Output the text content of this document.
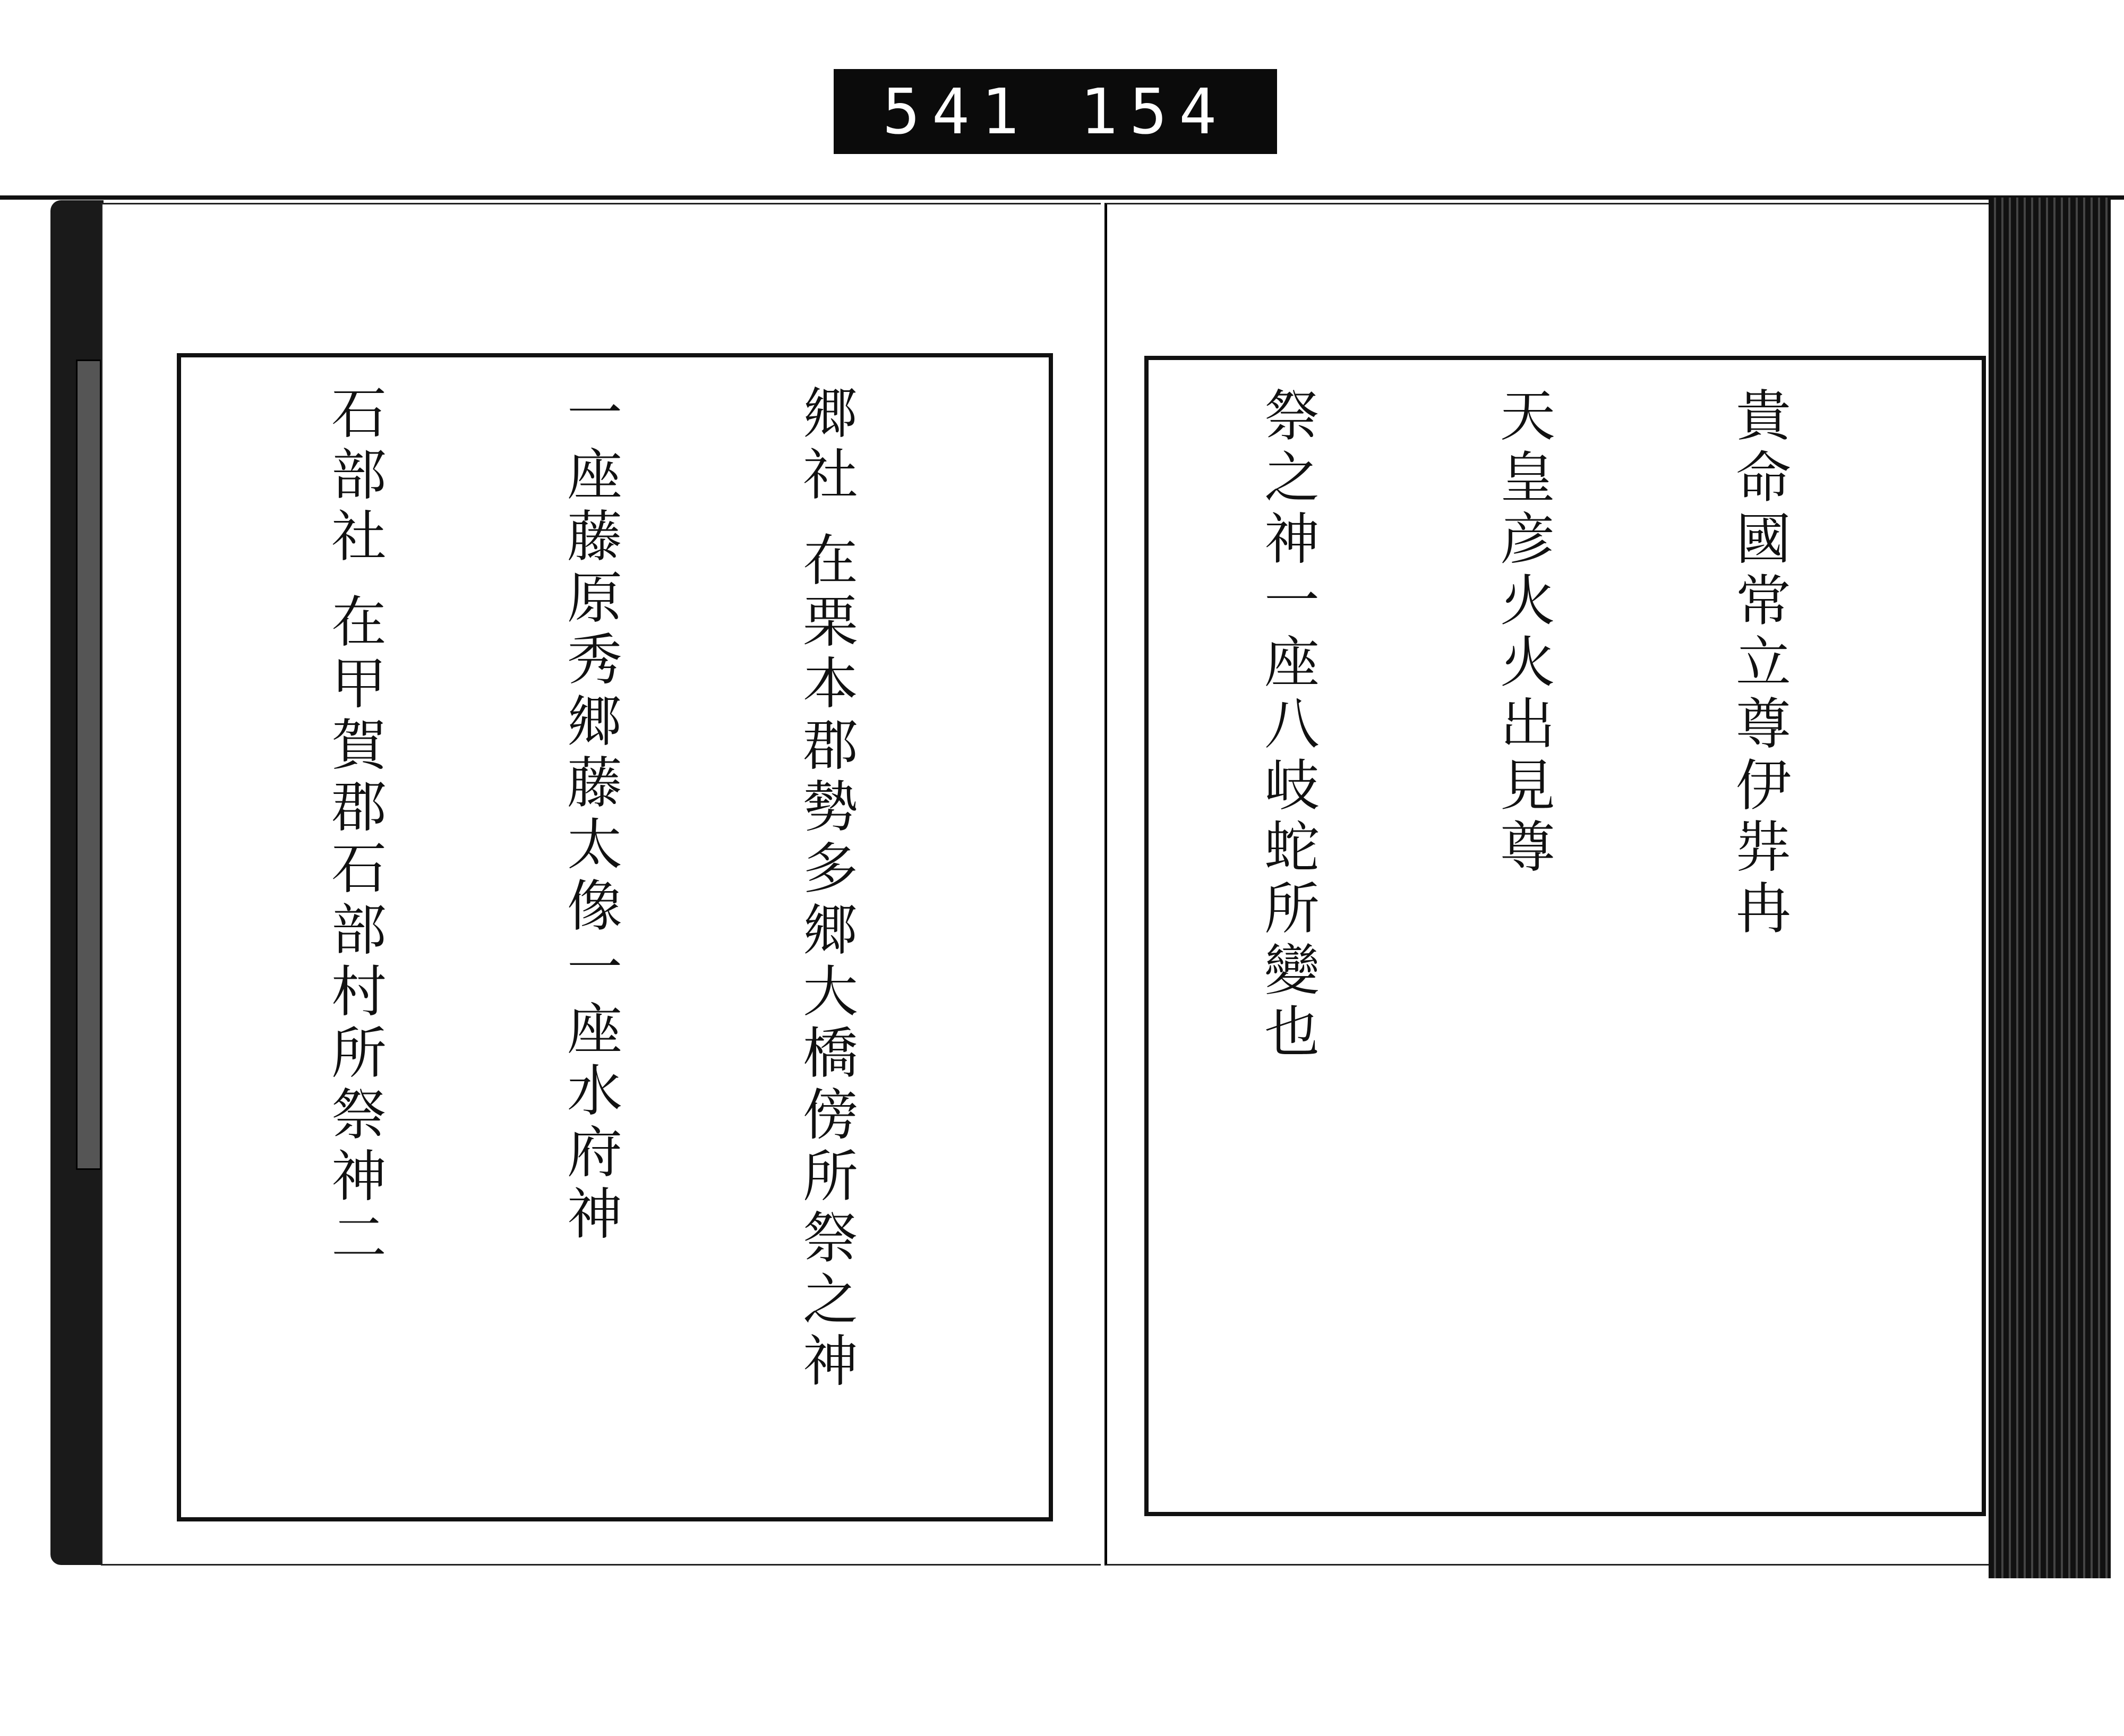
541 154

郷社 在栗本郡勢多郷大橋傍所祭之神

一座藤原秀郷藤太像一座水府神

石部社 在甲賀郡石部村所祭神二

	貴命國常立尊伊弉冉

天皇彦火火出見尊

祭之神一座八岐蛇所變也
